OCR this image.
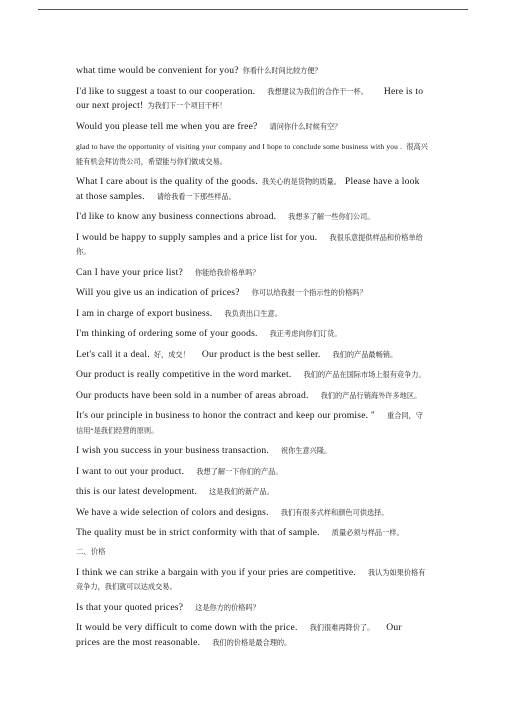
what time would be convenient for you? 你看什么时间比较方便？

I'd like to suggest a toast to our cooperation. 我想建议为我们的合作干一杯。 Here is to our next project! 为我们下一个项目干杯！

Would you please tell me when you are free? 请问你什么时候有空？

glad to have the opportunity of visiting your company and I hope to conclude some business with you . 很高兴能有机会拜访贵公司，希望能与你们做成交易。

What I care about is the quality of the goods. 我关心的是货物的质量。 Please have a look at those samples. 请给我看一下那些样品。

I'd like to know any business connections abroad. 我想多了解一些你们公司。

I would be happy to supply samples and a price list for you. 我很乐意提供样品和价格单给你。

Can I have your price list? 你能给我价格单吗？

Will you give us an indication of prices? 你可以给我报一个指示性的价格吗？

I am in charge of export business. 我负责出口生意。

I'm thinking of ordering some of your goods. 我正考虑向你们订货。

Let's call it a deal. 好，成交！ Our product is the best seller. 我们的产品最畅销。

Our product is really competitive in the word market. 我们的产品在国际市场上很有竞争力。

Our products have been sold in a number of areas abroad. 我们的产品行销海外许多地区。

It's our principle in business to honor the contract and keep our promise. " 重合同，守信用“是我们经营的原则。

I wish you success in your business transaction. 祝你生意兴隆。

I want to out your product. 我想了解一下你们的产品。

this is our latest development. 这是我们的新产品。

We have a wide selection of colors and designs. 我们有很多式样和颜色可供选择。

The quality must be in strict conformity with that of sample. 质量必须与样品一样。

二、价格

I think we can strike a bargain with you if your pries are competitive. 我认为如果价格有竞争力，我们就可以达成交易。

Is that your quoted prices? 这是你方的价格吗？

It would be very difficult to come down with the price. 我们很难再降价了。 Our prices are the most reasonable. 我们的价格是最合理的。
